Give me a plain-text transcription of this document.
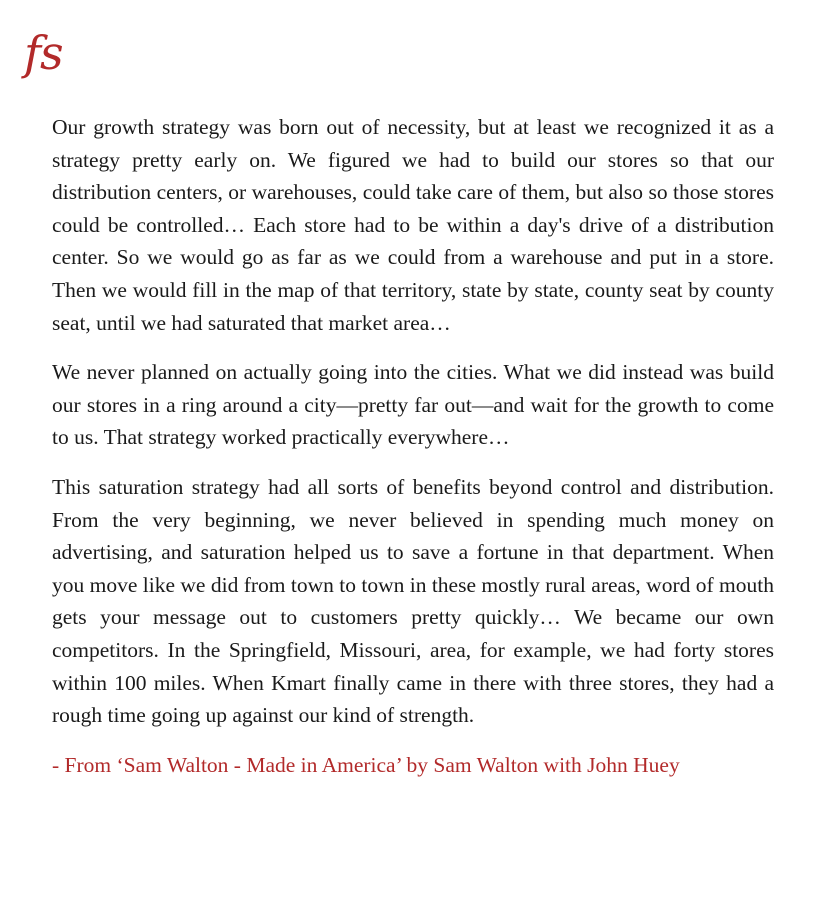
fs

Our growth strategy was born out of necessity, but at least we recognized it as a strategy pretty early on. We figured we had to build our stores so that our distribution centers, or warehouses, could take care of them, but also so those stores could be controlled… Each store had to be within a day's drive of a distribution center. So we would go as far as we could from a warehouse and put in a store. Then we would fill in the map of that territory, state by state, county seat by county seat, until we had saturated that market area…

We never planned on actually going into the cities. What we did instead was build our stores in a ring around a city—pretty far out—and wait for the growth to come to us. That strategy worked practically everywhere…

This saturation strategy had all sorts of benefits beyond control and distribution. From the very beginning, we never believed in spending much money on advertising, and saturation helped us to save a fortune in that department. When you move like we did from town to town in these mostly rural areas, word of mouth gets your message out to customers pretty quickly… We became our own competitors. In the Springfield, Missouri, area, for example, we had forty stores within 100 miles. When Kmart finally came in there with three stores, they had a rough time going up against our kind of strength.

- From ‘Sam Walton - Made in America’ by Sam Walton with John Huey
